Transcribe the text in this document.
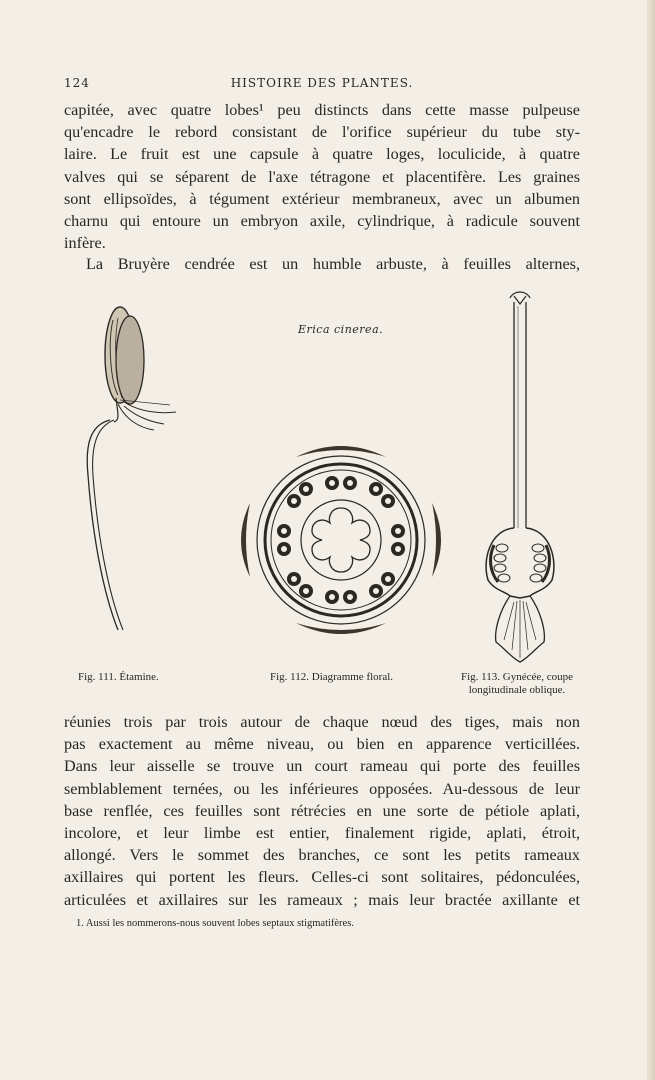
124	HISTOIRE DES PLANTES.
capitée, avec quatre lobes¹ peu distincts dans cette masse pulpeuse
qu'encadre le rebord consistant de l'orifice supérieur du tube sty-
laire. Le fruit est une capsule à quatre loges, loculicide, à quatre
valves qui se séparent de l'axe tétragone et placentifère. Les graines
sont ellipsoïdes, à tégument extérieur membraneux, avec un albumen
charnu qui entoure un embryon axile, cylindrique, à radicule souvent
infère.
La Bruyère cendrée est un humble arbuste, à feuilles alternes,
Erica cinerea.
Fig. 111. Étamine.	Fig. 112. Diagramme floral.	Fig. 113. Gynécée, coupe
longitudinale oblique.
réunies trois par trois autour de chaque nœud des tiges, mais non
pas exactement au même niveau, ou bien en apparence verticillées.
Dans leur aisselle se trouve un court rameau qui porte des feuilles
semblablement ternées, ou les inférieures opposées. Au-dessous de leur
base renflée, ces feuilles sont rétrécies en une sorte de pétiole aplati,
incolore, et leur limbe est entier, finalement rigide, aplati, étroit,
allongé. Vers le sommet des branches, ce sont les petits rameaux
axillaires qui portent les fleurs. Celles-ci sont solitaires, pédonculées,
articulées et axillaires sur les rameaux ; mais leur bractée axillante et
1. Aussi les nommerons-nous souvent lobes septaux stigmatifères.
